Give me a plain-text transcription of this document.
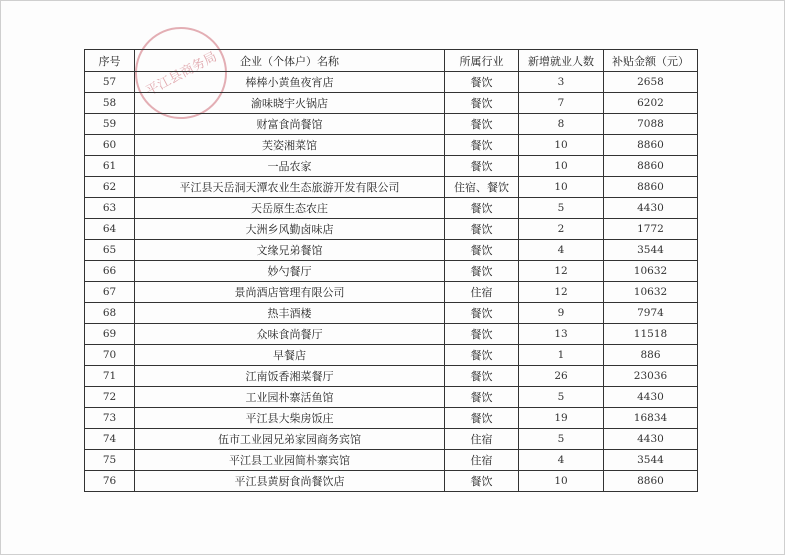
平江县商务局
序号	企业（个体户）名称	所属行业	新增就业人数	补贴金额（元）
57	棒棒小黄鱼夜宵店	餐饮	3	2658
58	渝味晓宇火锅店	餐饮	7	6202
59	财富食尚餐馆	餐饮	8	7088
60	芙姿湘菜馆	餐饮	10	8860
61	一品农家	餐饮	10	8860
62	平江县天岳洞天潭农业生态旅游开发有限公司	住宿、餐饮	10	8860
63	天岳原生态农庄	餐饮	5	4430
64	大洲乡风勤卤味店	餐饮	2	1772
65	文缘兄弟餐馆	餐饮	4	3544
66	妙勺餐厅	餐饮	12	10632
67	景尚酒店管理有限公司	住宿	12	10632
68	热丰酒楼	餐饮	9	7974
69	众味食尚餐厅	餐饮	13	11518
70	早餐店	餐饮	1	886
71	江南饭香湘菜餐厅	餐饮	26	23036
72	工业园朴寨活鱼馆	餐饮	5	4430
73	平江县大柴房饭庄	餐饮	19	16834
74	伍市工业园兄弟家园商务宾馆	住宿	5	4430
75	平江县工业园简朴寨宾馆	住宿	4	3544
76	平江县黄厨食尚餐饮店	餐饮	10	8860
